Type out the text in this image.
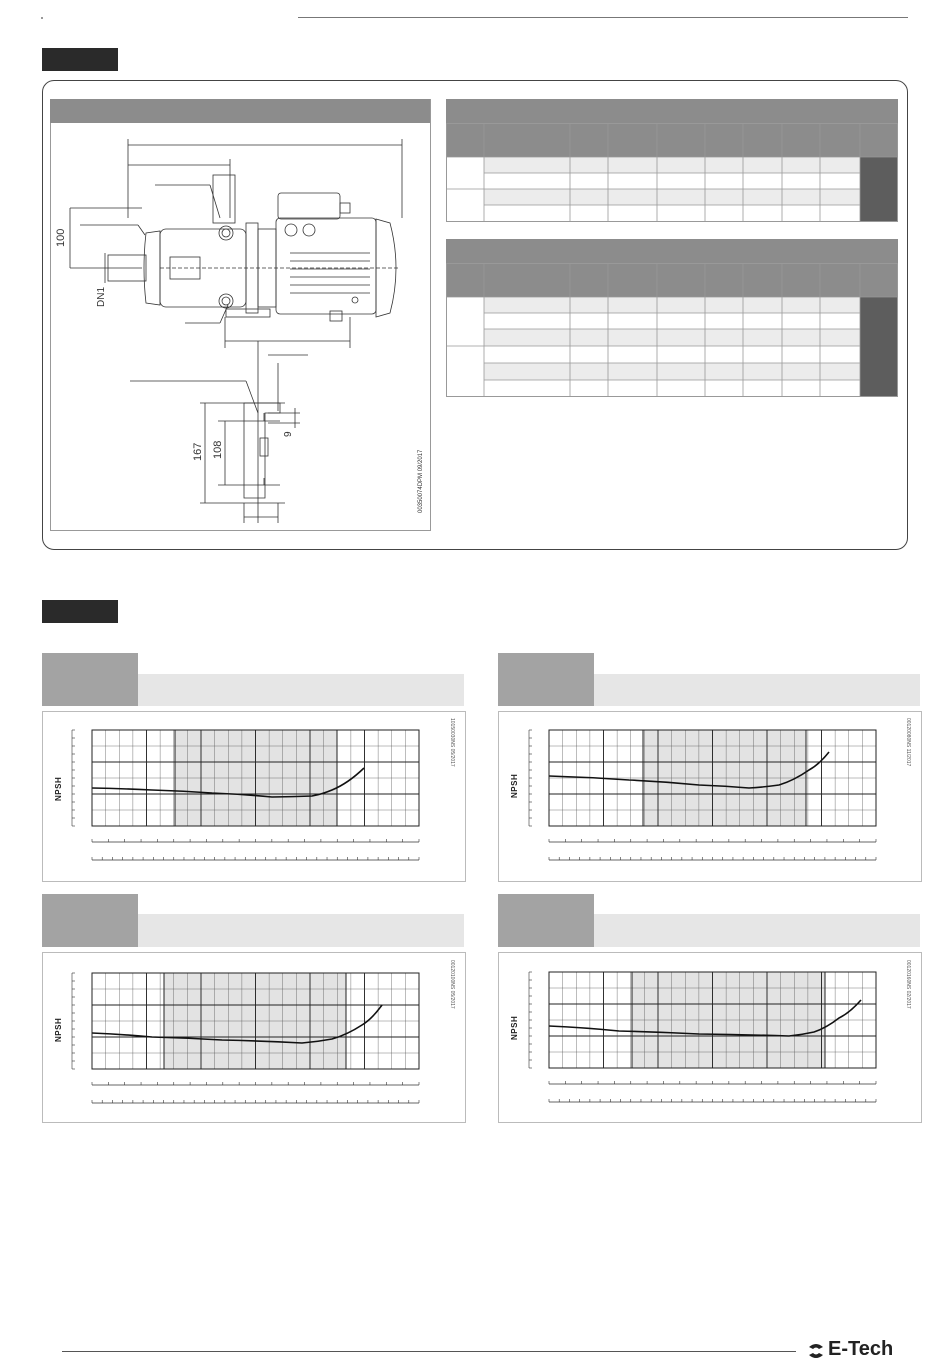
100
DN1
167 108
9
00350074DPM 09/2017
NPSH	NPSH
NPSH	NPSH
10150030NS 05/2017	00120080NS 11/2017
00120100NS 05/2017	00120160NS 02/2017
E-Tech
